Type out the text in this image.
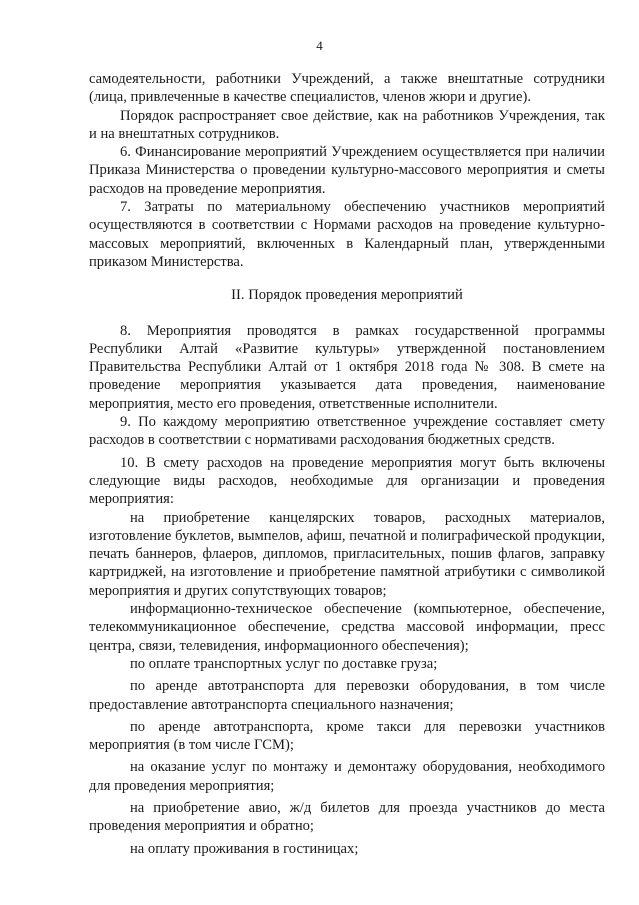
4

самодеятельности, работники Учреждений, а также внештатные сотрудники (лица, привлеченные в качестве специалистов, членов жюри и другие).

Порядок распространяет свое действие, как на работников Учреждения, так и на внештатных сотрудников.

6. Финансирование мероприятий Учреждением осуществляется при наличии Приказа Министерства о проведении культурно-массового мероприятия и сметы расходов на проведение мероприятия.

7. Затраты по материальному обеспечению участников мероприятий осуществляются в соответствии с Нормами расходов на проведение культурно-массовых мероприятий, включенных в Календарный план, утвержденными приказом Министерства.

II. Порядок проведения мероприятий

8. Мероприятия проводятся в рамках государственной программы Республики Алтай «Развитие культуры» утвержденной постановлением Правительства Республики Алтай от 1 октября 2018 года № 308. В смете на проведение мероприятия указывается дата проведения, наименование мероприятия, место его проведения, ответственные исполнители.

9. По каждому мероприятию ответственное учреждение составляет смету расходов в соответствии с нормативами расходования бюджетных средств.

10. В смету расходов на проведение мероприятия могут быть включены следующие виды расходов, необходимые для организации и проведения мероприятия:

на приобретение канцелярских товаров, расходных материалов, изготовление буклетов, вымпелов, афиш, печатной и полиграфической продукции, печать баннеров, флаеров, дипломов, пригласительных, пошив флагов, заправку картриджей, на изготовление и приобретение памятной атрибутики с символикой мероприятия и других сопутствующих товаров;

информационно-техническое обеспечение (компьютерное, обеспечение, телекоммуникационное обеспечение, средства массовой информации, пресс центра, связи, телевидения, информационного обеспечения);

по оплате транспортных услуг по доставке груза;

по аренде автотранспорта для перевозки оборудования, в том числе предоставление автотранспорта специального назначения;

по аренде автотранспорта, кроме такси для перевозки участников мероприятия (в том числе ГСМ);

на оказание услуг по монтажу и демонтажу оборудования, необходимого для проведения мероприятия;

на приобретение авио, ж/д билетов для проезда участников до места проведения мероприятия и обратно;

на оплату проживания в гостиницах;
